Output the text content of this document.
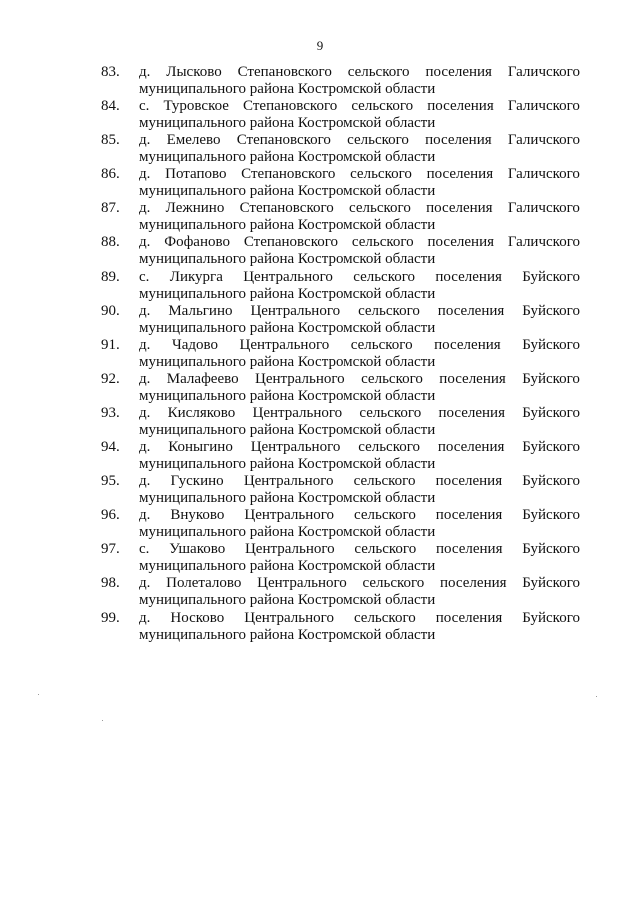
9
83. д. Лысково Степановского сельского поселения Галичского
муниципального района Костромской области
84. с. Туровское Степановского сельского поселения Галичского
муниципального района Костромской области
85. д. Емелево Степановского сельского поселения Галичского
муниципального района Костромской области
86. д. Потапово Степановского сельского поселения Галичского
муниципального района Костромской области
87. д. Лежнино Степановского сельского поселения Галичского
муниципального района Костромской области
88. д. Фофаново Степановского сельского поселения Галичского
муниципального района Костромской области
89. с. Ликурга Центрального сельского поселения Буйского
муниципального района Костромской области
90. д. Мальгино Центрального сельского поселения Буйского
муниципального района Костромской области
91. д. Чадово Центрального сельского поселения Буйского
муниципального района Костромской области
92. д. Малафеево Центрального сельского поселения Буйского
муниципального района Костромской области
93. д. Кисляково Центрального сельского поселения Буйского
муниципального района Костромской области
94. д. Коныгино Центрального сельского поселения Буйского
муниципального района Костромской области
95. д. Гускино Центрального сельского поселения Буйского
муниципального района Костромской области
96. д. Внуково Центрального сельского поселения Буйского
муниципального района Костромской области
97. с. Ушаково Центрального сельского поселения Буйского
муниципального района Костромской области
98. д. Полеталово Центрального сельского поселения Буйского
муниципального района Костромской области
99. д. Носково Центрального сельского поселения Буйского
муниципального района Костромской области
